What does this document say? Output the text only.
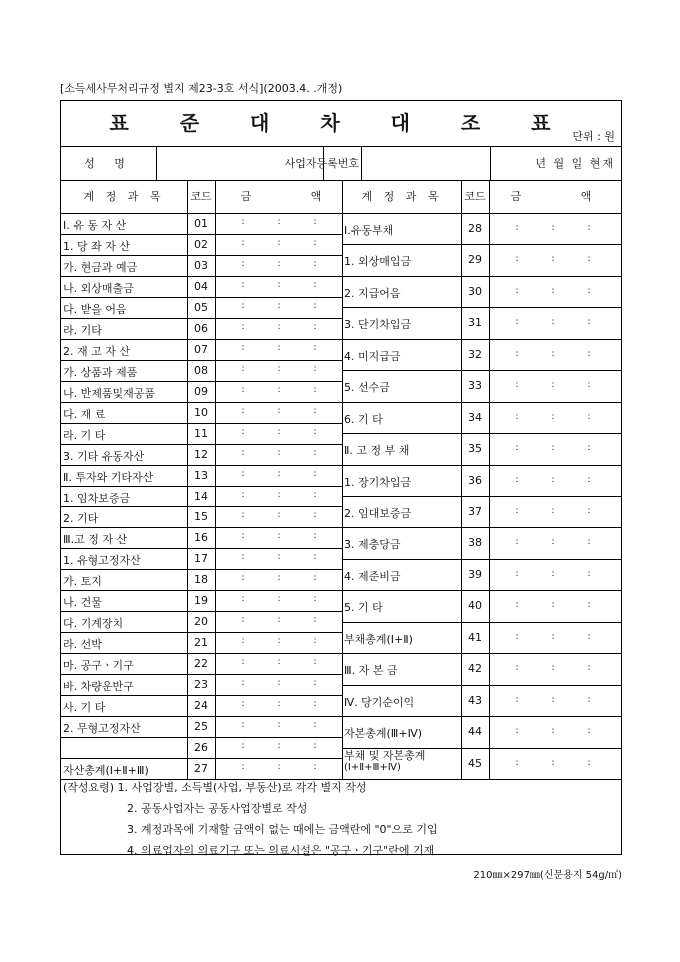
[소득세사무처리규정 별지 제23-3호 서식](2003.4. .개정)
표 준 대 차 대 조 표
단위 : 원
성 명	사업자등록번호	년 월 일 현재
계 정 과 목	코드	금	액	계 정 과 목	코드	금	액
Ⅰ. 유 동 자 산	01	:	:	:
1. 당 좌 자 산	02	:	:	:
가. 현금과 예금	03	:	:	:
나. 외상매출금	04	:	:	:
다. 받을 어음	05	:	:	:
라. 기타	06	:	:	:
2. 재 고 자 산	07	:	:	:
가. 상품과 제품	08	:	:	:
나. 반제품및재공품	09	:	:	:
다. 재 료	10	:	:	:
라. 기 타	11	:	:	:
3. 기타 유동자산	12	:	:	:
Ⅱ. 투자와 기타자산	13	:	:	:
1. 임차보증금	14	:	:	:
2. 기타	15	:	:	:
Ⅲ.고 정 자 산	16	:	:	:
1. 유형고정자산	17	:	:	:
가. 토지	18	:	:	:
나. 건물	19	:	:	:
다. 기계장치	20	:	:	:
라. 선박	21	:	:	:
마. 공구ㆍ기구	22	:	:	:
바. 차량운반구	23	:	:	:
사. 기 타	24	:	:	:
2. 무형고정자산	25	:	:	:
26	:	:	:
자산총계(Ⅰ+Ⅱ+Ⅲ)	27	:	:	:
Ⅰ.유동부채	28	:	:	:
1. 외상매입금	29	:	:	:
2. 지급어음	30	:	:	:
3. 단기차입금	31	:	:	:
4. 미지급금	32	:	:	:
5. 선수금	33	:	:	:
6. 기 타	34	:	:	:
Ⅱ. 고 정 부 채	35	:	:	:
1. 장기차입금	36	:	:	:
2. 임대보증금	37	:	:	:
3. 제충당금	38	:	:	:
4. 제준비금	39	:	:	:
5. 기 타	40	:	:	:
부채총계(Ⅰ+Ⅱ)	41	:	:	:
Ⅲ. 자 본 금	42	:	:	:
Ⅳ. 당기순이익	43	:	:	:
자본총계(Ⅲ+Ⅳ)	44	:	:	:
부채 및 자본총계
(Ⅰ+Ⅱ+Ⅲ+Ⅳ)	45	:	:	:
(작성요령) 1. 사업장별, 소득별(사업, 부동산)로 각각 별지 작성
2. 공동사업자는 공동사업장별로 작성
3. 계정과목에 기재할 금액이 없는 때에는 금액란에 "0"으로 기입
4. 의료업자의 의료기구 또는 의료시설은 "공구ㆍ기구"란에 기재
210㎜×297㎜(신문용지 54g/㎡)
